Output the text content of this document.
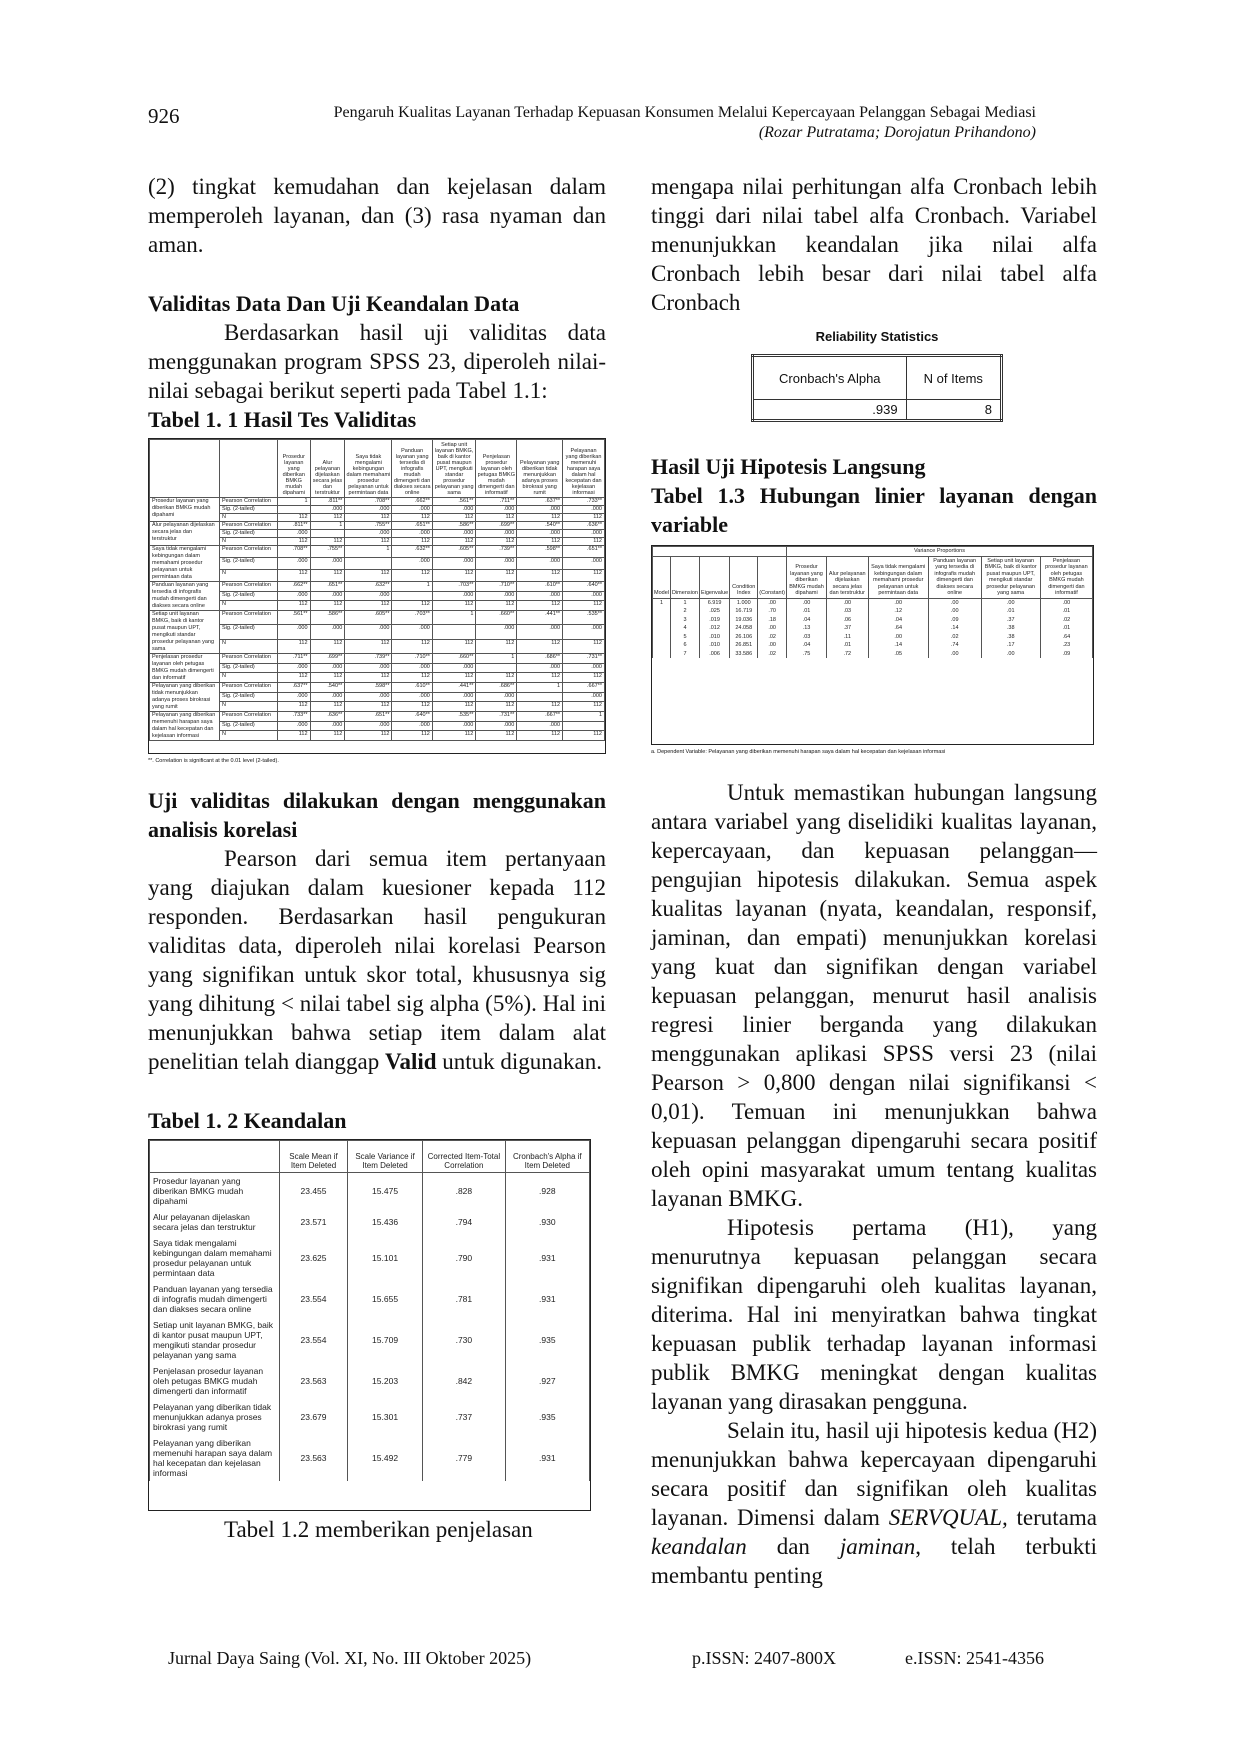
926	Pengaruh Kualitas Layanan Terhadap Kepuasan Konsumen Melalui Kepercayaan Pelanggan Sebagai Mediasi
(Rozar Putratama; Dorojatun Prihandono)

(2) tingkat kemudahan dan kejelasan dalam memperoleh layanan, dan (3) rasa nyaman dan aman.

Validitas Data Dan Uji Keandalan Data

Berdasarkan hasil uji validitas data menggunakan program SPSS 23, diperoleh nilai-nilai sebagai berikut seperti pada Tabel 1.1:

Tabel 1. 1 Hasil Tes Validitas
		Prosedur layanan yang diberikan BMKG mudah dipahami	Alur pelayanan dijelaskan secara jelas dan terstruktur	Saya tidak mengalami kebingungan dalam memahami prosedur pelayanan untuk permintaan data	Panduan layanan yang tersedia di infografis mudah dimengerti dan diakses secara online	Setiap unit layanan BMKG, baik di kantor pusat maupun UPT, mengikuti standar prosedur pelayanan yang sama	Penjelasan prosedur layanan oleh petugas BMKG mudah dimengerti dan informatif	Pelayanan yang diberikan tidak menunjukkan adanya proses birokrasi yang rumit	Pelayanan yang diberikan memenuhi harapan saya dalam hal kecepatan dan kejelasan informasi
Prosedur layanan yang diberikan BMKG mudah dipahami	Pearson Correlation	1	.811**	.708**	.662**	.561**	.711**	.637**	.733**
	Sig. (2-tailed)		.000	.000	.000	.000	.000	.000	.000
	N	112	112	112	112	112	112	112	112
Alur pelayanan dijelaskan secara jelas dan terstruktur	Pearson Correlation	.811**	1	.755**	.651**	.586**	.699**	.540**	.636**
	Sig. (2-tailed)	.000		.000	.000	.000	.000	.000	.000
	N	112	112	112	112	112	112	112	112
Saya tidak mengalami kebingungan dalam memahami prosedur pelayanan untuk permintaan data	Pearson Correlation	.708**	.755**	1	.632**	.605**	.739**	.598**	.651**
	Sig. (2-tailed)	.000	.000		.000	.000	.000	.000	.000
	N	112	112	112	112	112	112	112	112
Panduan layanan yang tersedia di infografis mudah dimengerti dan diakses secara online	Pearson Correlation	.662**	.651**	.632**	1	.703**	.710**	.610**	.640**
	Sig. (2-tailed)	.000	.000	.000		.000	.000	.000	.000
	N	112	112	112	112	112	112	112	112
Setiap unit layanan BMKG, baik di kantor pusat maupun UPT, mengikuti standar prosedur pelayanan yang sama	Pearson Correlation	.561**	.586**	.605**	.703**	1	.660**	.441**	.535**
	Sig. (2-tailed)	.000	.000	.000	.000		.000	.000	.000
	N	112	112	112	112	112	112	112	112
Penjelasan prosedur layanan oleh petugas BMKG mudah dimengerti dan informatif	Pearson Correlation	.711**	.699**	.739**	.710**	.660**	1	.686**	.731**
	Sig. (2-tailed)	.000	.000	.000	.000	.000		.000	.000
	N	112	112	112	112	112	112	112	112
Pelayanan yang diberikan tidak menunjukkan adanya proses birokrasi yang rumit	Pearson Correlation	.637**	.540**	.598**	.610**	.441**	.686**	1	.667**
	Sig. (2-tailed)	.000	.000	.000	.000	.000	.000		.000
	N	112	112	112	112	112	112	112	112
Pelayanan yang diberikan memenuhi harapan saya dalam hal kecepatan dan kejelasan informasi	Pearson Correlation	.733**	.636**	.651**	.640**	.535**	.731**	.667**	1
	Sig. (2-tailed)	.000	.000	.000	.000	.000	.000	.000	
	N	112	112	112	112	112	112	112	112
**. Correlation is significant at the 0.01 level (2-tailed).
Uji validitas dilakukan dengan menggunakan analisis korelasi

Pearson dari semua item pertanyaan yang diajukan dalam kuesioner kepada 112 responden. Berdasarkan hasil pengukuran validitas data, diperoleh nilai korelasi Pearson yang signifikan untuk skor total, khususnya sig yang dihitung < nilai tabel sig alpha (5%). Hal ini menunjukkan bahwa setiap item dalam alat penelitian telah dianggap Valid untuk digunakan.

Tabel 1. 2 Keandalan
	Scale Mean if Item Deleted	Scale Variance if Item Deleted	Corrected Item-Total Correlation	Cronbach's Alpha if Item Deleted
Prosedur layanan yang diberikan BMKG mudah dipahami	23.455	15.475	.828	.928
Alur pelayanan dijelaskan secara jelas dan terstruktur	23.571	15.436	.794	.930
Saya tidak mengalami kebingungan dalam memahami prosedur pelayanan untuk permintaan data	23.625	15.101	.790	.931
Panduan layanan yang tersedia di infografis mudah dimengerti dan diakses secara online	23.554	15.655	.781	.931
Setiap unit layanan BMKG, baik di kantor pusat maupun UPT, mengikuti standar prosedur pelayanan yang sama	23.554	15.709	.730	.935
Penjelasan prosedur layanan oleh petugas BMKG mudah dimengerti dan informatif	23.563	15.203	.842	.927
Pelayanan yang diberikan tidak menunjukkan adanya proses birokrasi yang rumit	23.679	15.301	.737	.935
Pelayanan yang diberikan memenuhi harapan saya dalam hal kecepatan dan kejelasan informasi	23.563	15.492	.779	.931

Tabel 1.2 memberikan penjelasan

mengapa nilai perhitungan alfa Cronbach lebih tinggi dari nilai tabel alfa Cronbach. Variabel menunjukkan keandalan jika nilai alfa Cronbach lebih besar dari nilai tabel alfa Cronbach

Reliability Statistics
Cronbach's Alpha	N of Items
.939	8
Hasil Uji Hipotesis Langsung
Tabel 1.3 Hubungan linier layanan dengan variable
					Variance Proportions					
Model	Dimension	Eigenvalue	Condition Index	(Constant)	Prosedur layanan yang diberikan BMKG mudah dipahami	Alur pelayanan dijelaskan secara jelas dan terstruktur	Saya tidak mengalami kebingungan dalam memahami prosedur pelayanan untuk permintaan data	Panduan layanan yang tersedia di infografis mudah dimengerti dan diakses secara online	Setiap unit layanan BMKG, baik di kantor pusat maupun UPT, mengikuti standar prosedur pelayanan yang sama	Penjelasan prosedur layanan oleh petugas BMKG mudah dimengerti dan informatif
1	1	6.919	1.000	.00	.00	.00	.00	.00	.00	.00
	2	.025	16.719	.70	.01	.03	.12	.00	.01	.01
	3	.019	19.036	.18	.04	.06	.04	.09	.37	.02
	4	.012	24.058	.00	.13	.37	.64	.14	.38	.01
	5	.010	26.106	.02	.03	.11	.00	.02	.38	.64
	6	.010	26.851	.00	.04	.01	.14	.74	.17	.23
	7	.006	33.586	.02	.75	.72	.05	.00	.00	.09
a. Dependent Variable: Pelayanan yang diberikan memenuhi harapan saya dalam hal kecepatan dan kejelasan informasi

Untuk memastikan hubungan langsung antara variabel yang diselidiki kualitas layanan, kepercayaan, dan kepuasan pelanggan—pengujian hipotesis dilakukan. Semua aspek kualitas layanan (nyata, keandalan, responsif, jaminan, dan empati) menunjukkan korelasi yang kuat dan signifikan dengan variabel kepuasan pelanggan, menurut hasil analisis regresi linier berganda yang dilakukan menggunakan aplikasi SPSS versi 23 (nilai Pearson > 0,800 dengan nilai signifikansi < 0,01). Temuan ini menunjukkan bahwa kepuasan pelanggan dipengaruhi secara positif oleh opini masyarakat umum tentang kualitas layanan BMKG.

Hipotesis pertama (H1), yang menurutnya kepuasan pelanggan secara signifikan dipengaruhi oleh kualitas layanan, diterima. Hal ini menyiratkan bahwa tingkat kepuasan publik terhadap layanan informasi publik BMKG meningkat dengan kualitas layanan yang dirasakan pengguna.

Selain itu, hasil uji hipotesis kedua (H2) menunjukkan bahwa kepercayaan dipengaruhi secara positif dan signifikan oleh kualitas layanan. Dimensi dalam SERVQUAL, terutama keandalan dan jaminan, telah terbukti membantu penting

Jurnal Daya Saing (Vol. XI, No. III Oktober 2025)	p.ISSN: 2407-800X	e.ISSN: 2541-4356
